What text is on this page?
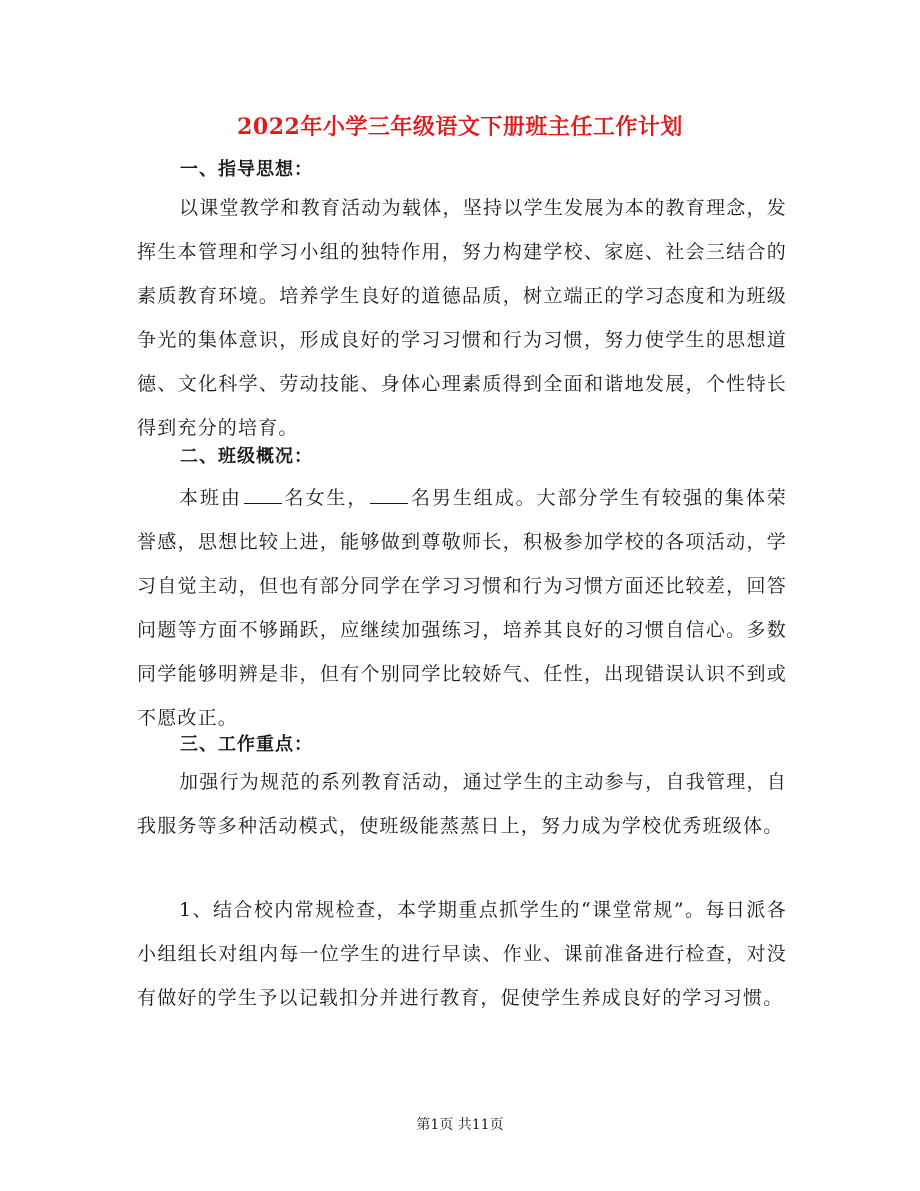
2022年小学三年级语文下册班主任工作计划
一、指导思想：
以课堂教学和教育活动为载体，坚持以学生发展为本的教育理念，发挥生本管理和学习小组的独特作用，努力构建学校、家庭、社会三结合的素质教育环境。培养学生良好的道德品质，树立端正的学习态度和为班级争光的集体意识，形成良好的学习习惯和行为习惯，努力使学生的思想道德、文化科学、劳动技能、身体心理素质得到全面和谐地发展，个性特长得到充分的培育。
二、班级概况：
本班由 名女生， 名男生组成。大部分学生有较强的集体荣誉感，思想比较上进，能够做到尊敬师长，积极参加学校的各项活动，学习自觉主动，但也有部分同学在学习习惯和行为习惯方面还比较差，回答问题等方面不够踊跃，应继续加强练习，培养其良好的习惯自信心。多数同学能够明辨是非，但有个别同学比较娇气、任性，出现错误认识不到或不愿改正。
三、工作重点：
加强行为规范的系列教育活动，通过学生的主动参与，自我管理，自我服务等多种活动模式，使班级能蒸蒸日上，努力成为学校优秀班级体。
1、结合校内常规检查，本学期重点抓学生的“课堂常规”。每日派各小组组长对组内每一位学生的进行早读、作业、课前准备进行检查，对没有做好的学生予以记载扣分并进行教育，促使学生养成良好的学习习惯。
第1页 共11页
